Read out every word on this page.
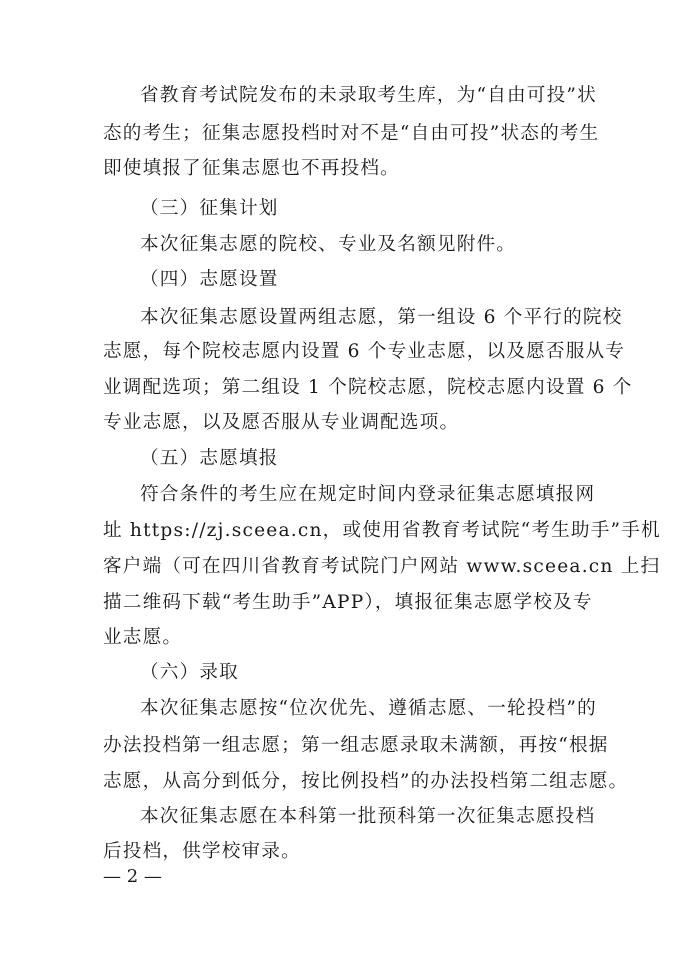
省教育考试院发布的未录取考生库，为“自由可投”状
态的考生；征集志愿投档时对不是“自由可投”状态的考生
即使填报了征集志愿也不再投档。
（三）征集计划
本次征集志愿的院校、专业及名额见附件。
（四）志愿设置
本次征集志愿设置两组志愿，第一组设 6 个平行的院校
志愿，每个院校志愿内设置 6 个专业志愿，以及愿否服从专
业调配选项；第二组设 1 个院校志愿，院校志愿内设置 6 个
专业志愿，以及愿否服从专业调配选项。
（五）志愿填报
符合条件的考生应在规定时间内登录征集志愿填报网
址 https://zj.sceea.cn，或使用省教育考试院“考生助手”手机
客户端（可在四川省教育考试院门户网站 www.sceea.cn 上扫
描二维码下载“考生助手”APP），填报征集志愿学校及专
业志愿。
（六）录取
本次征集志愿按“位次优先、遵循志愿、一轮投档”的
办法投档第一组志愿；第一组志愿录取未满额，再按“根据
志愿，从高分到低分，按比例投档”的办法投档第二组志愿。
本次征集志愿在本科第一批预科第一次征集志愿投档
后投档，供学校审录。
— 2 —
